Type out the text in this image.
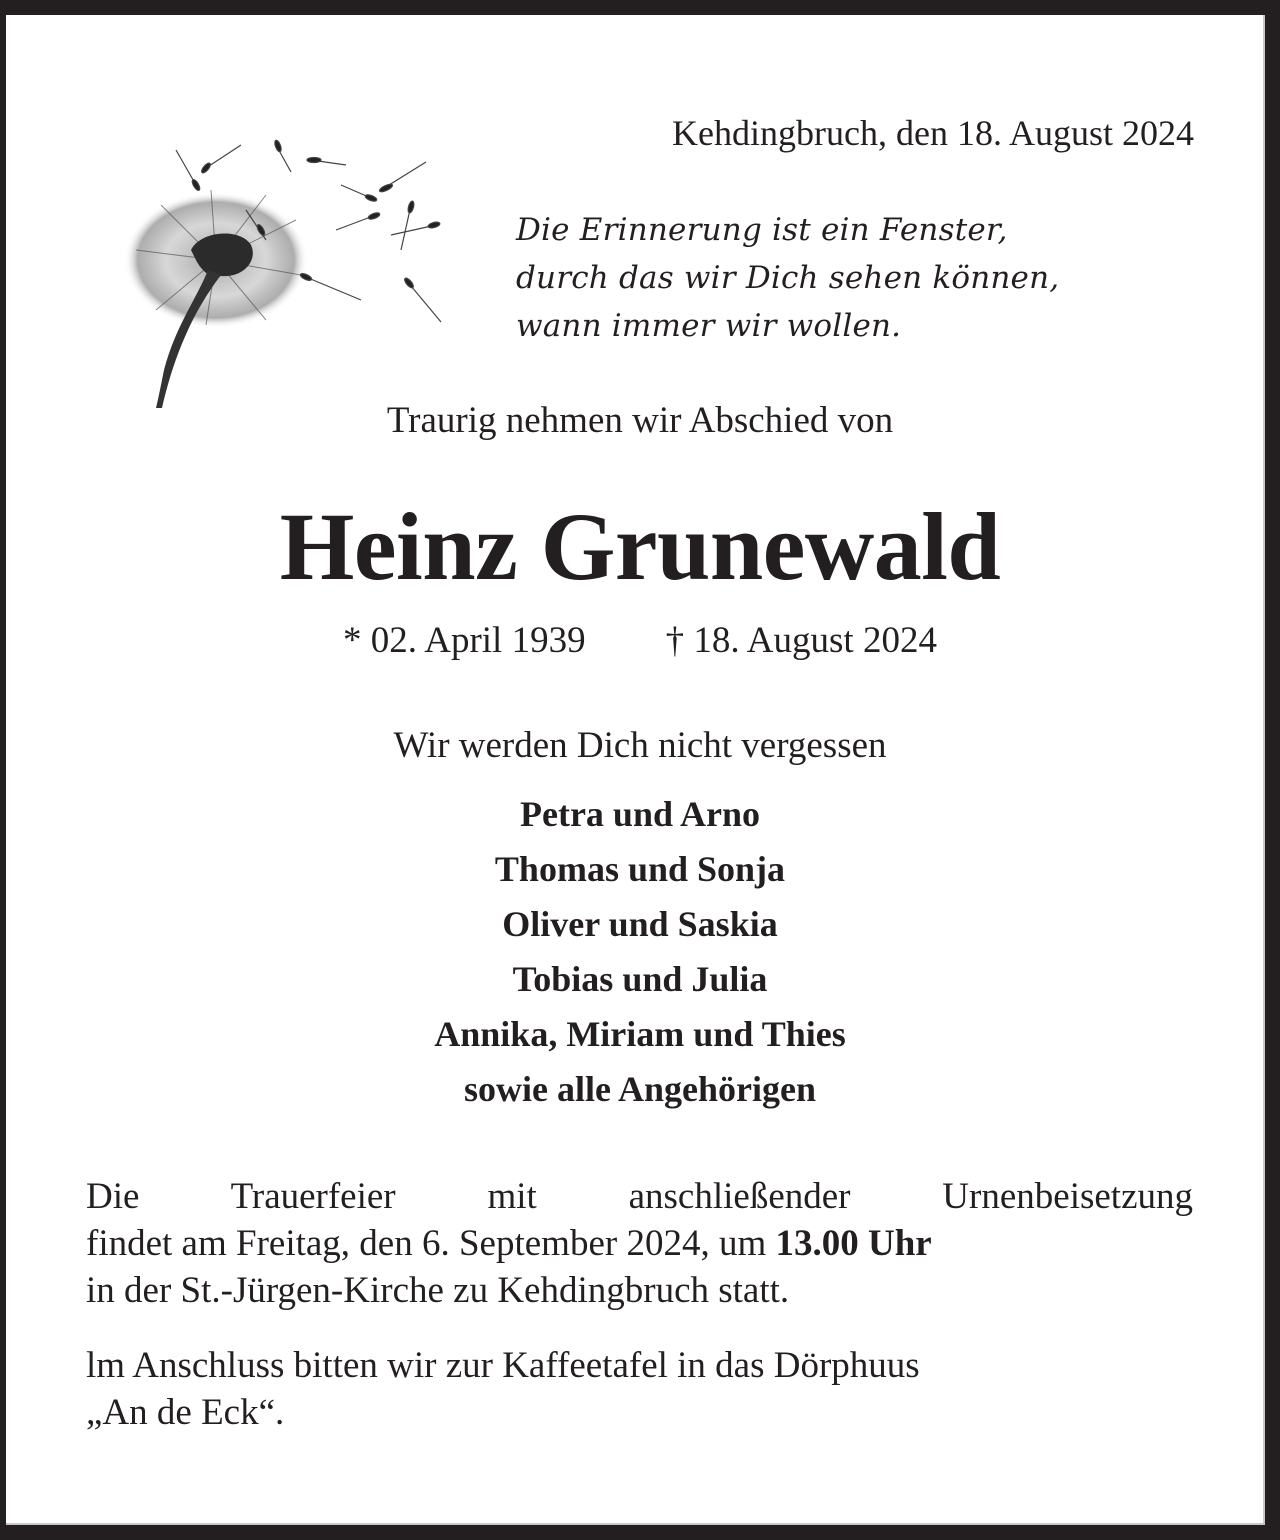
Kehdingbruch, den 18. August 2024
Die Erinnerung ist ein Fenster,
durch das wir Dich sehen können,
wann immer wir wollen.
Traurig nehmen wir Abschied von
Heinz Grunewald
* 02. April 1939 † 18. August 2024
Wir werden Dich nicht vergessen
Petra und Arno
Thomas und Sonja
Oliver und Saskia
Tobias und Julia
Annika, Miriam und Thies
sowie alle Angehörigen
Die Trauerfeier mit anschließender Urnenbeisetzung
findet am Freitag, den 6. September 2024, um 13.00 Uhr
in der St.-Jürgen-Kirche zu Kehdingbruch statt.
lm Anschluss bitten wir zur Kaffeetafel in das Dörphuus
„An de Eck“.
